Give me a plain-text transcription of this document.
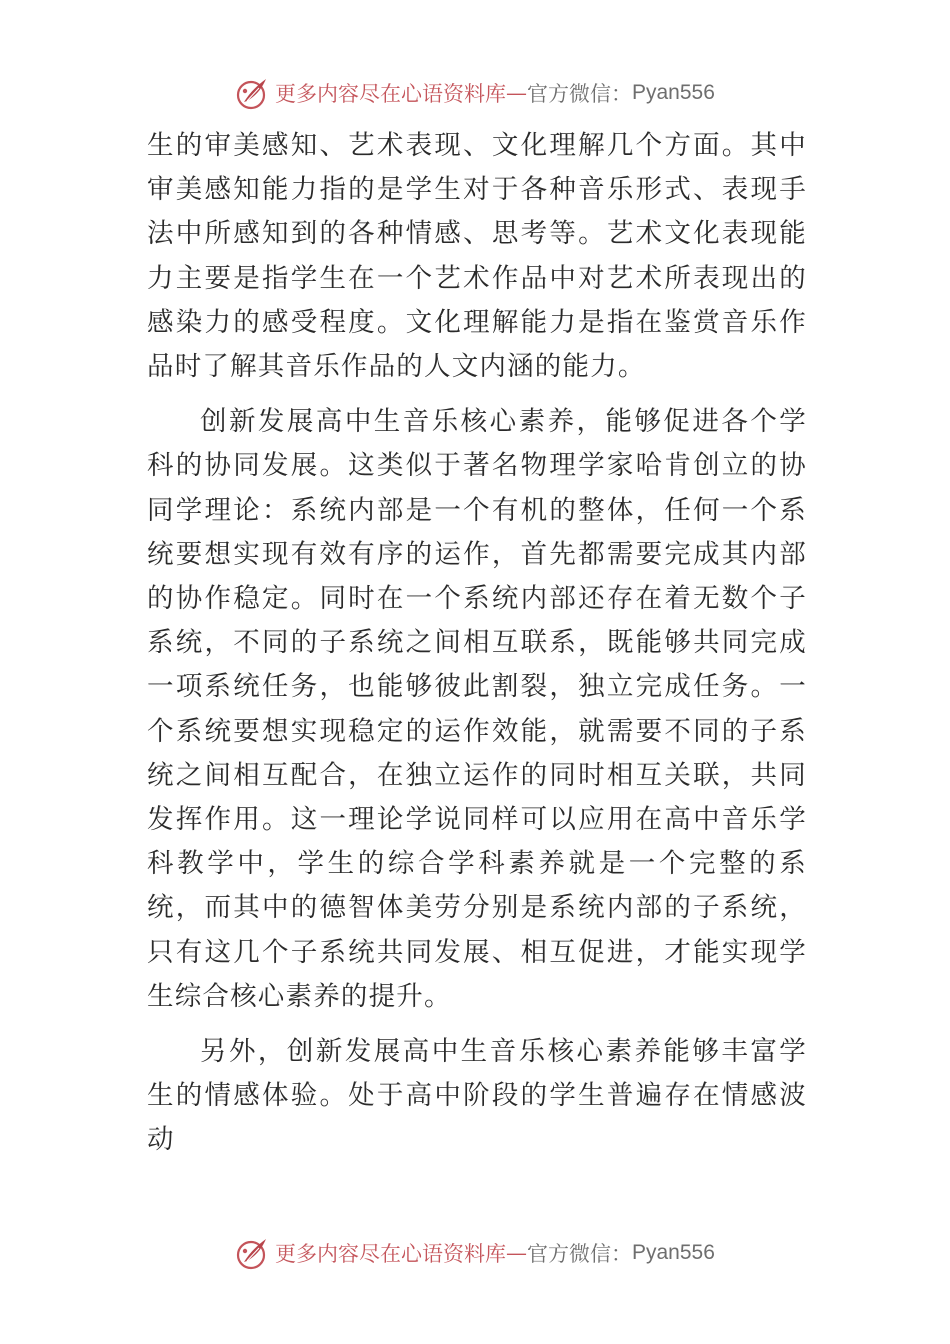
更多内容尽在心语资料库 — 官方微信： Pyan556

生的审美感知、艺术表现、文化理解几个方面。其中审美感知能力指的是学生对于各种音乐形式、表现手法中所感知到的各种情感、思考等。艺术文化表现能力主要是指学生在一个艺术作品中对艺术所表现出的感染力的感受程度。文化理解能力是指在鉴赏音乐作品时了解其音乐作品的人文内涵的能力。

创新发展高中生音乐核心素养，能够促进各个学科的协同发展。这类似于著名物理学家哈肯创立的协同学理论：系统内部是一个有机的整体，任何一个系统要想实现有效有序的运作，首先都需要完成其内部的协作稳定。同时在一个系统内部还存在着无数个子系统，不同的子系统之间相互联系，既能够共同完成一项系统任务，也能够彼此割裂，独立完成任务。一个系统要想实现稳定的运作效能，就需要不同的子系统之间相互配合，在独立运作的同时相互关联，共同发挥作用。这一理论学说同样可以应用在高中音乐学科教学中，学生的综合学科素养就是一个完整的系统，而其中的德智体美劳分别是系统内部的子系统，只有这几个子系统共同发展、相互促进，才能实现学生综合核心素养的提升。

另外，创新发展高中生音乐核心素养能够丰富学生的情感体验。处于高中阶段的学生普遍存在情感波动

更多内容尽在心语资料库 — 官方微信： Pyan556
